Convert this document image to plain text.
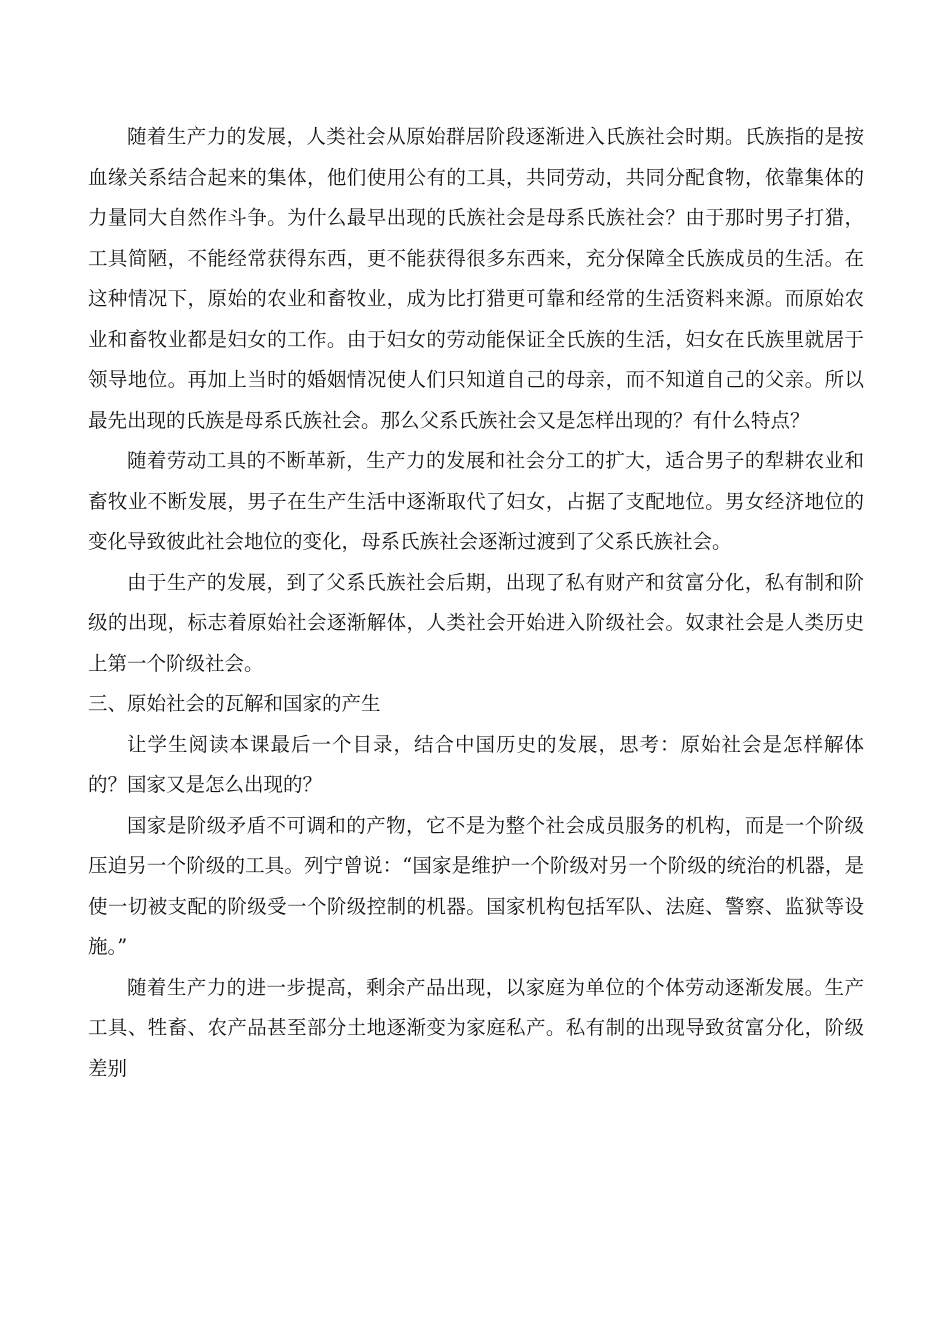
随着生产力的发展，人类社会从原始群居阶段逐渐进入氏族社会时期。氏族指的是按血缘关系结合起来的集体，他们使用公有的工具，共同劳动，共同分配食物，依靠集体的力量同大自然作斗争。为什么最早出现的氏族社会是母系氏族社会？由于那时男子打猎，工具简陋，不能经常获得东西，更不能获得很多东西来，充分保障全氏族成员的生活。在这种情况下，原始的农业和畜牧业，成为比打猎更可靠和经常的生活资料来源。而原始农业和畜牧业都是妇女的工作。由于妇女的劳动能保证全氏族的生活，妇女在氏族里就居于领导地位。再加上当时的婚姻情况使人们只知道自己的母亲，而不知道自己的父亲。所以最先出现的氏族是母系氏族社会。那么父系氏族社会又是怎样出现的？有什么特点？

随着劳动工具的不断革新，生产力的发展和社会分工的扩大，适合男子的犁耕农业和畜牧业不断发展，男子在生产生活中逐渐取代了妇女，占据了支配地位。男女经济地位的变化导致彼此社会地位的变化，母系氏族社会逐渐过渡到了父系氏族社会。

由于生产的发展，到了父系氏族社会后期，出现了私有财产和贫富分化，私有制和阶级的出现，标志着原始社会逐渐解体，人类社会开始进入阶级社会。奴隶社会是人类历史上第一个阶级社会。

三、原始社会的瓦解和国家的产生

让学生阅读本课最后一个目录，结合中国历史的发展，思考：原始社会是怎样解体的？国家又是怎么出现的？

国家是阶级矛盾不可调和的产物，它不是为整个社会成员服务的机构，而是一个阶级压迫另一个阶级的工具。列宁曾说：“国家是维护一个阶级对另一个阶级的统治的机器，是使一切被支配的阶级受一个阶级控制的机器。国家机构包括军队、法庭、警察、监狱等设施。”

随着生产力的进一步提高，剩余产品出现，以家庭为单位的个体劳动逐渐发展。生产工具、牲畜、农产品甚至部分土地逐渐变为家庭私产。私有制的出现导致贫富分化，阶级差别
